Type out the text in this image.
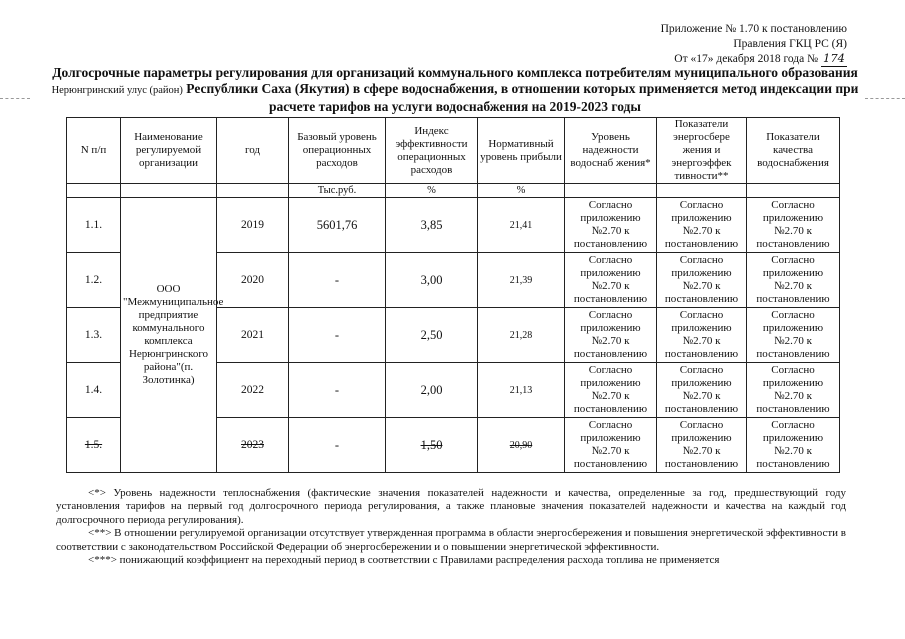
Приложение № 1.70 к постановлению
Правления ГКЦ РС (Я)
От «17» декабря 2018 года № 174
Долгосрочные параметры регулирования для организаций коммунального комплекса потребителям муниципального образования Нерюнгринский улус (район) Республики Саха (Якутия) в сфере водоснабжения, в отношении которых применяется метод индексации при расчете тарифов на услуги водоснабжения на 2019-2023 годы
N п/п	Наименование регулируемой организации	год	Базовый уровень операционных расходов	Индекс эффективности операционных расходов	Нормативный уровень прибыли	Уровень надежности водоснаб жения*	Показатели энергосбере жения и энергоэффек тивности**	Показатели качества водоснабжения
			Тыс.руб.	%	%			
1.1.	ООО "Межмуниципальное предприятие коммунального комплекса Нерюнгринского района"(п. Золотинка)	2019	5601,76	3,85	21,41	Согласно приложению №2.70 к постановлению	Согласно приложению №2.70 к постановлению	Согласно приложению №2.70 к постановлению
1.2.		2020	-	3,00	21,39	Согласно приложению №2.70 к постановлению	Согласно приложению №2.70 к постановлению	Согласно приложению №2.70 к постановлению
1.3.		2021	-	2,50	21,28	Согласно приложению №2.70 к постановлению	Согласно приложению №2.70 к постановлению	Согласно приложению №2.70 к постановлению
1.4.		2022	-	2,00	21,13	Согласно приложению №2.70 к постановлению	Согласно приложению №2.70 к постановлению	Согласно приложению №2.70 к постановлению
1.5.		2023	-	1,50	20,90	Согласно приложению №2.70 к постановлению	Согласно приложению №2.70 к постановлению	Согласно приложению №2.70 к постановлению

<*> Уровень надежности теплоснабжения (фактические значения показателей надежности и качества, определенные за год, предшествующий году установления тарифов на первый год долгосрочного периода регулирования, а также плановые значения показателей надежности и качества на каждый год долгосрочного периода регулирования).

<**> В отношении регулируемой организации отсутствует утвержденная программа в области энергосбережения и повышения энергетической эффективности в соответствии с законодательством Российской Федерации об энергосбережении и о повышении энергетической эффективности.

<***> понижающий коэффициент на переходный период в соответствии с Правилами распределения расхода топлива не применяется
